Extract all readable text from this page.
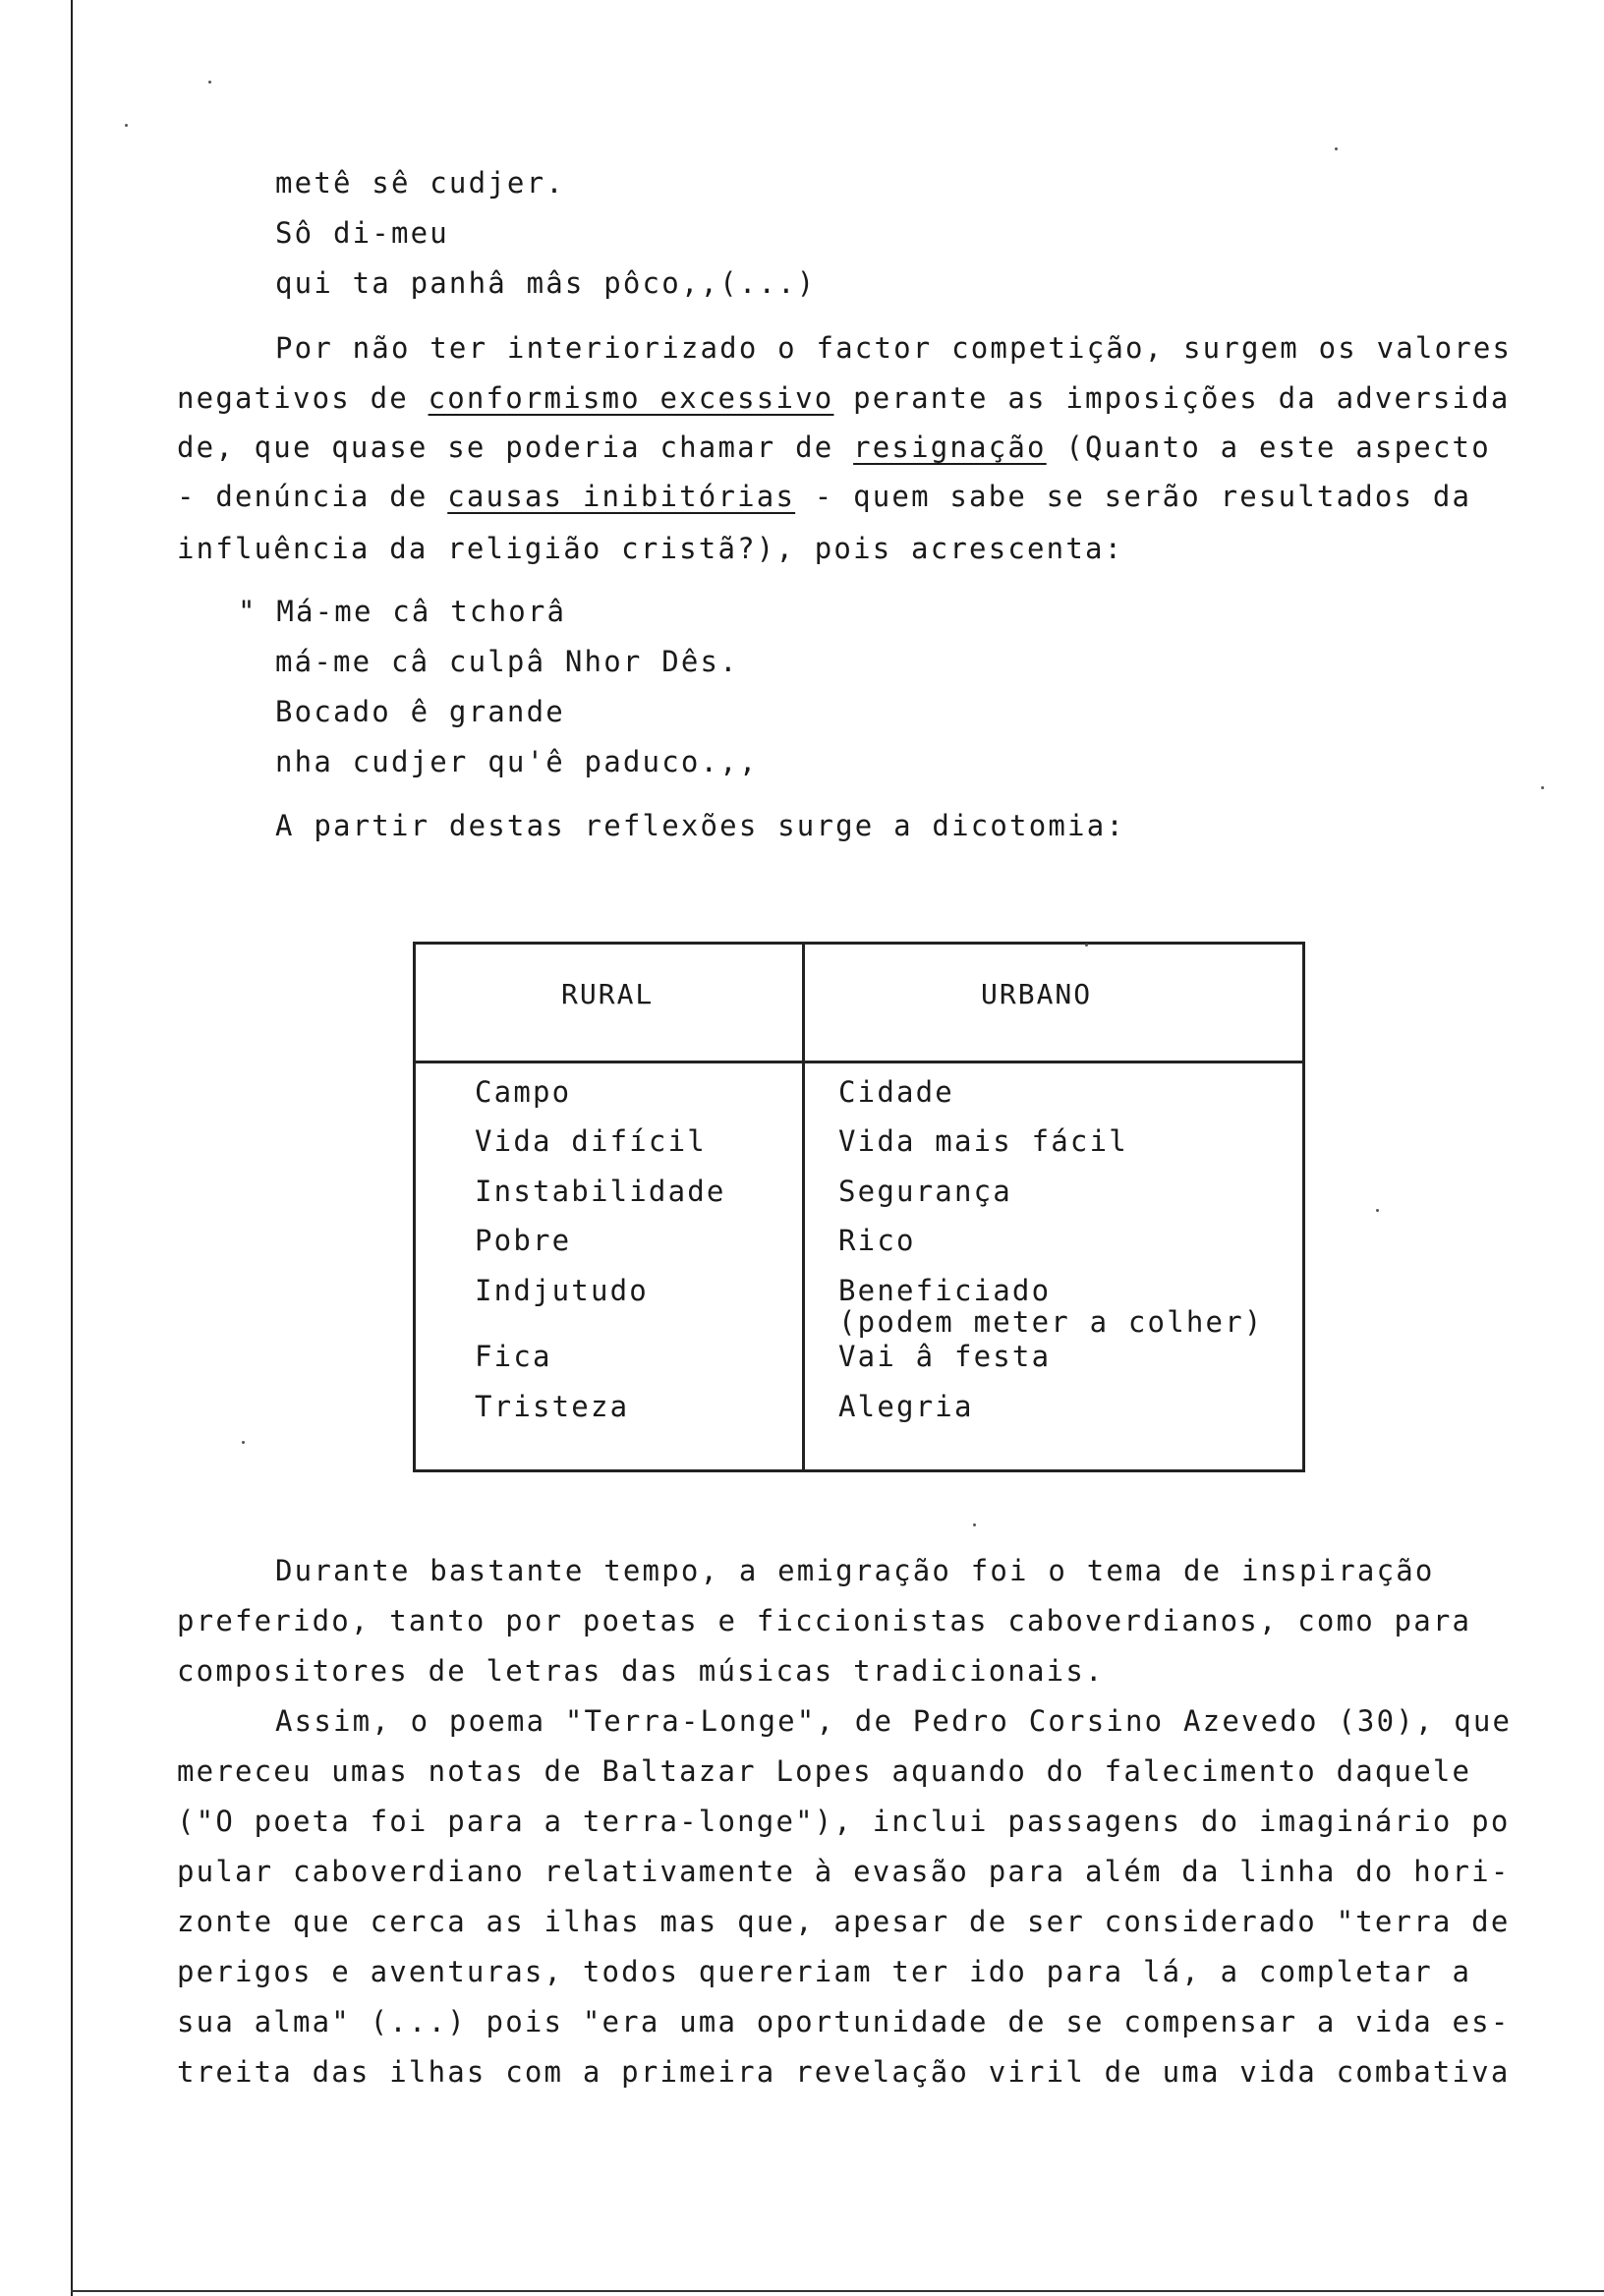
metê sê cudjer.

Sô di-meu

qui ta panhâ mâs pôco,,(...)

Por não ter interiorizado o factor competição, surgem os valores

negativos de conformismo excessivo perante as imposições da adversida

de, que quase se poderia chamar de resignação (Quanto a este aspecto

- denúncia de causas inibitórias - quem sabe se serão resultados da

influência da religião cristã?), pois acrescenta:

" Má-me câ tchorâ

má-me câ culpâ Nhor Dês.

Bocado ê grande

nha cudjer qu'ê paduco.,,

A partir destas reflexões surge a dicotomia:

RURAL	URBANO
Campo
Vida difícil
Instabilidade
Pobre
Indjutudo
Fica
Tristeza
Cidade
Vida mais fácil
Segurança
Rico
Beneficiado
(podem meter a colher)
Vai â festa
Alegria

Durante bastante tempo, a emigração foi o tema de inspiração

preferido, tanto por poetas e ficcionistas caboverdianos, como para

compositores de letras das músicas tradicionais.

Assim, o poema "Terra-Longe", de Pedro Corsino Azevedo (30), que

mereceu umas notas de Baltazar Lopes aquando do falecimento daquele

("O poeta foi para a terra-longe"), inclui passagens do imaginário po

pular caboverdiano relativamente à evasão para além da linha do hori-

zonte que cerca as ilhas mas que, apesar de ser considerado "terra de

perigos e aventuras, todos quereriam ter ido para lá, a completar a

sua alma" (...) pois "era uma oportunidade de se compensar a vida es-

treita das ilhas com a primeira revelação viril de uma vida combativa
